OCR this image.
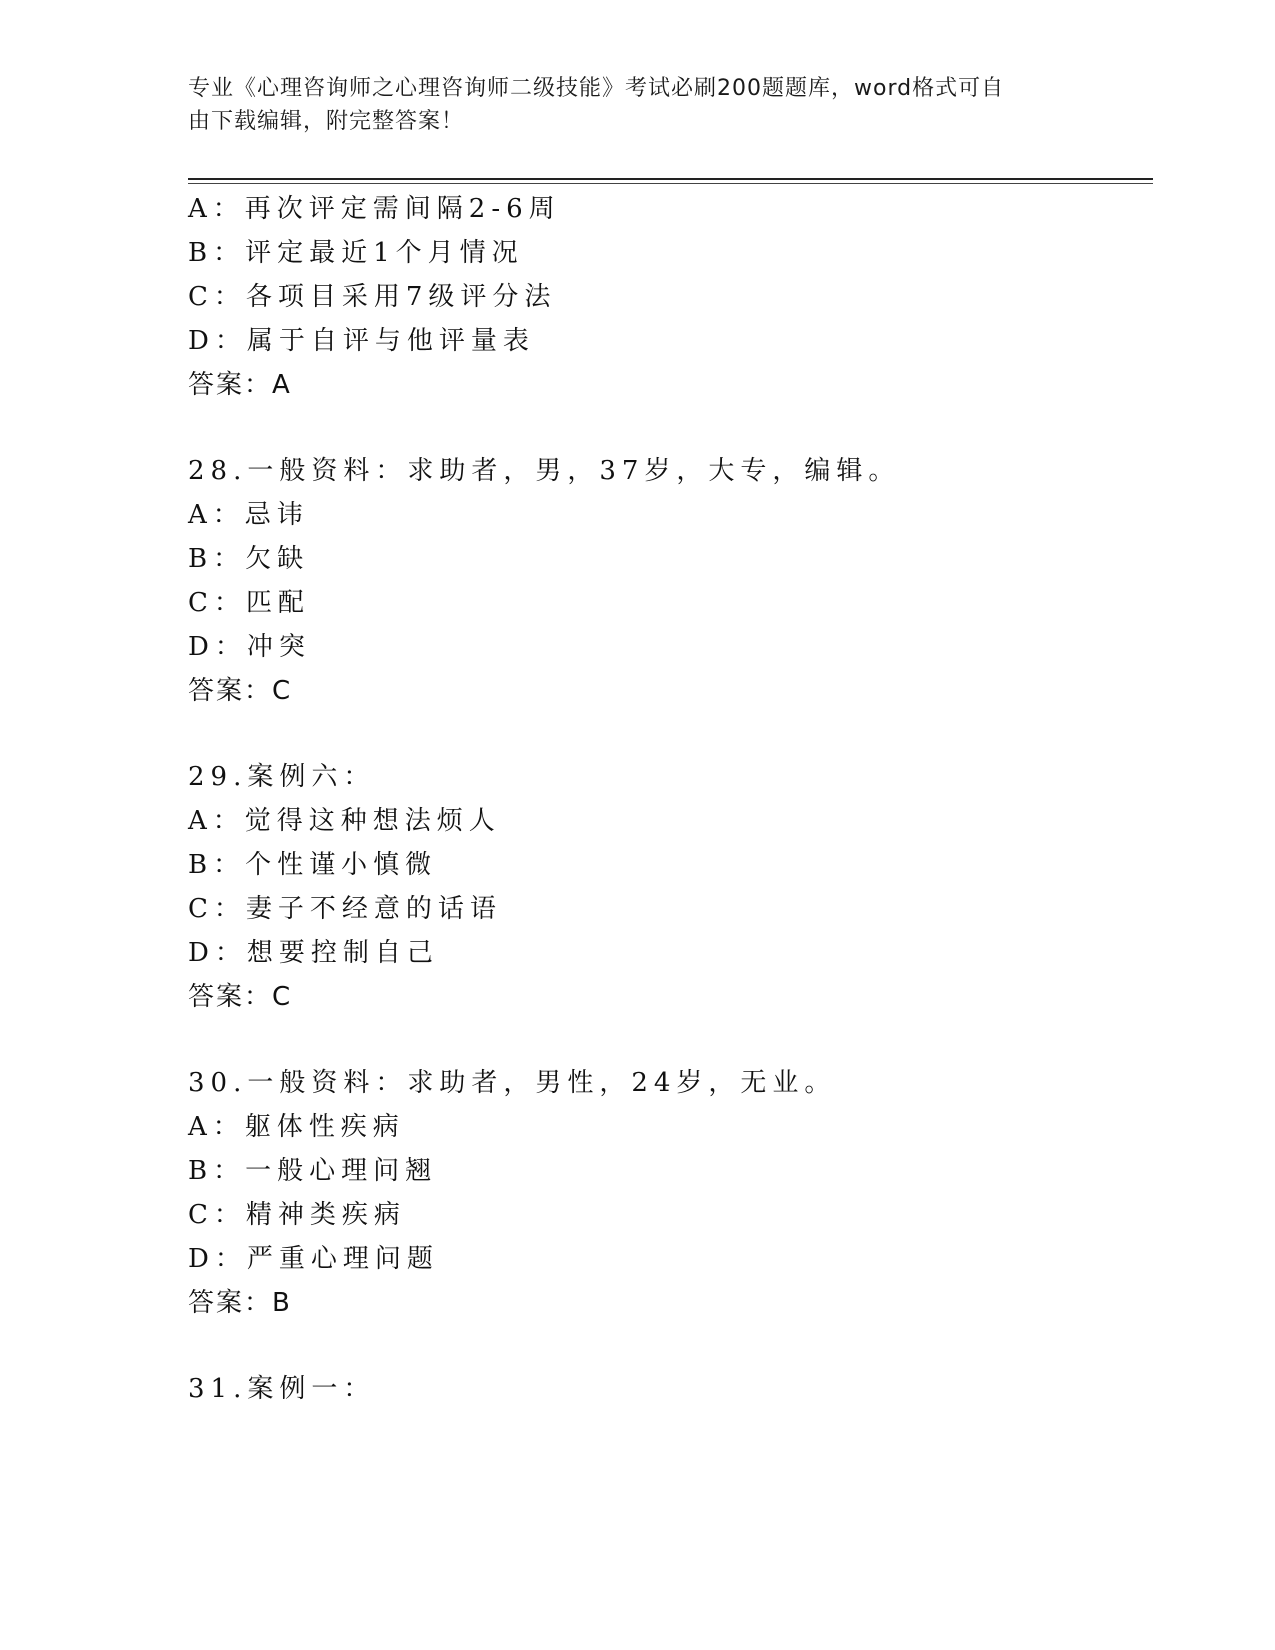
专业《心理咨询师之心理咨询师二级技能》考试必刷200题题库，word格式可自
由下载编辑，附完整答案！
A：再次评定需间隔2-6周
B：评定最近1个月情况
C：各项目采用7级评分法
D：属于自评与他评量表
答案：A
28.一般资料：求助者，男，37岁，大专，编辑。
A：忌讳
B：欠缺
C：匹配
D：冲突
答案：C
29.案例六：
A：觉得这种想法烦人
B：个性谨小慎微
C：妻子不经意的话语
D：想要控制自己
答案：C
30.一般资料：求助者，男性，24岁，无业。
A：躯体性疾病
B：一般心理问翘
C：精神类疾病
D：严重心理问题
答案：B
31.案例一：
